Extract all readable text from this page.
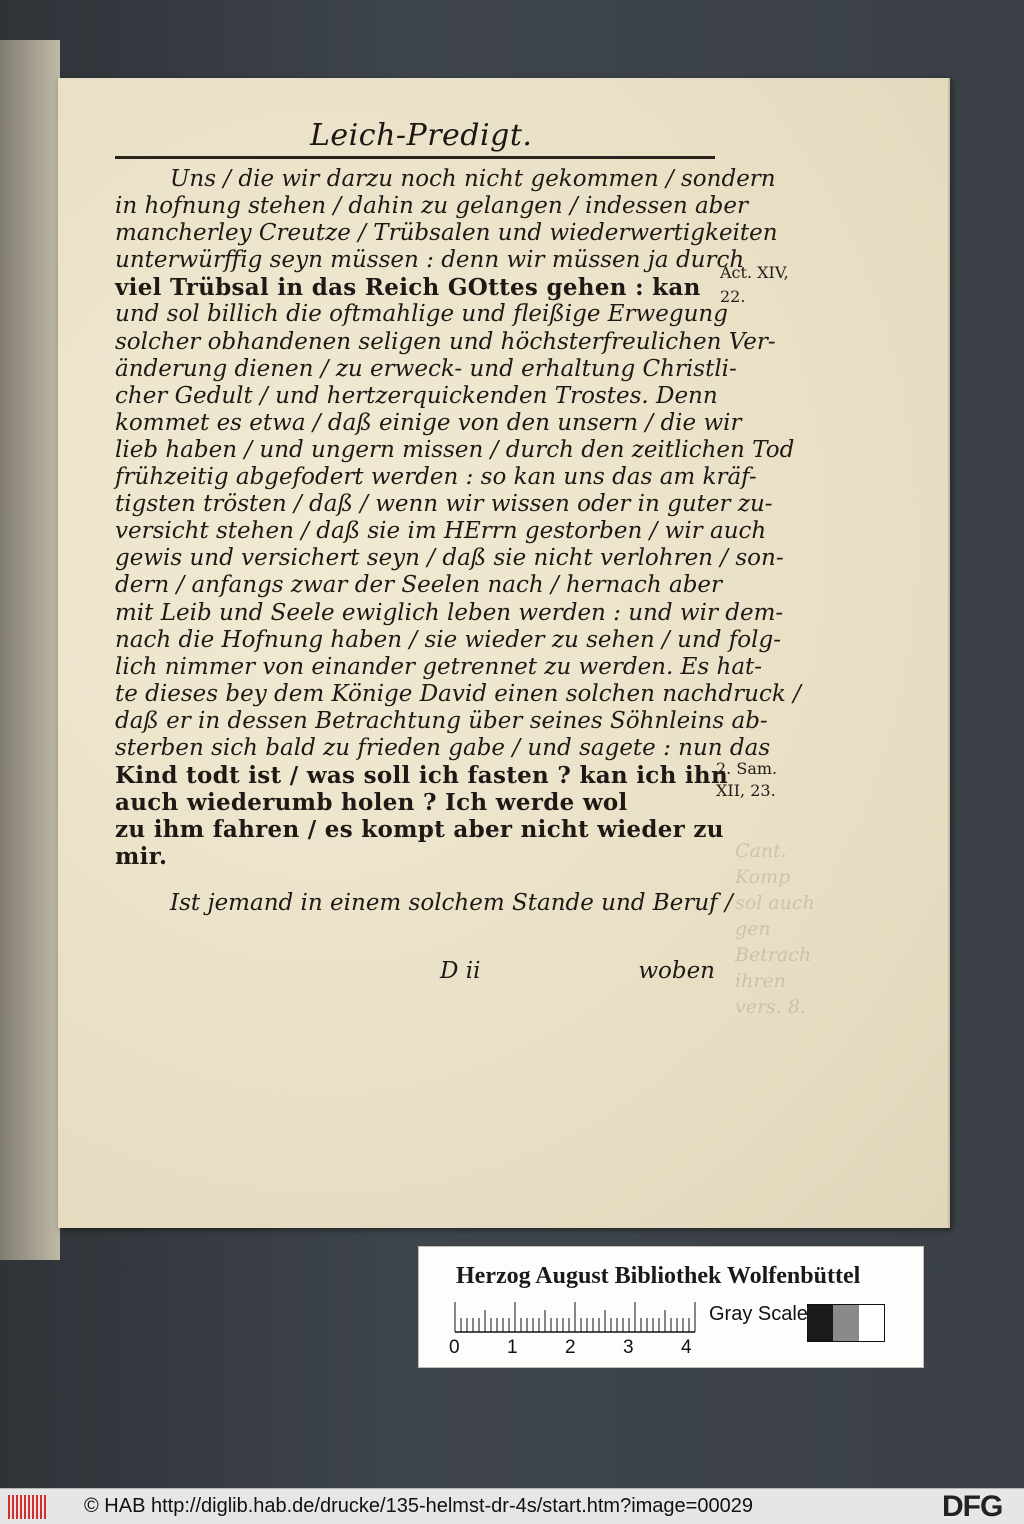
Leich-Predigt.
Uns / die wir darzu noch nicht gekommen / sondern
in hofnung stehen / dahin zu gelangen / indessen aber
mancherley Creutze / Trübsalen und wiederwertigkeiten
unterwürffig seyn müssen : denn wir müssen ja durch
viel Trübsal in das Reich GOttes gehen : kan
und sol billich die oftmahlige und fleißige Erwegung
solcher obhandenen seligen und höchsterfreulichen Ver-
änderung dienen / zu erweck- und erhaltung Christli-
cher Gedult / und hertzerquickenden Trostes. Denn
kommet es etwa / daß einige von den unsern / die wir
lieb haben / und ungern missen / durch den zeitlichen Tod
frühzeitig abgefodert werden : so kan uns das am kräf-
tigsten trösten / daß / wenn wir wissen oder in guter zu-
versicht stehen / daß sie im HErrn gestorben / wir auch
gewis und versichert seyn / daß sie nicht verlohren / son-
dern / anfangs zwar der Seelen nach / hernach aber
mit Leib und Seele ewiglich leben werden : und wir dem-
nach die Hofnung haben / sie wieder zu sehen / und folg-
lich nimmer von einander getrennet zu werden. Es hat-
te dieses bey dem Könige David einen solchen nachdruck /
daß er in dessen Betrachtung über seines Söhnleins ab-
sterben sich bald zu frieden gabe / und sagete : nun das
Kind todt ist / was soll ich fasten ? kan ich ihn
auch wiederumb holen ? Ich werde wol
zu ihm fahren / es kompt aber nicht wieder zu
mir.
Ist jemand in einem solchem Stande und Beruf /
Act. XIV,
22.
2. Sam.
XII, 23.
Cant.
Komp
sol auch
gen
Betrach
ihren
vers. 8.
D ii	woben
Herzog August Bibliothek Wolfenbüttel
0 1 2 3 4
Gray Scale
© HAB http://diglib.hab.de/drucke/135-helmst-dr-4s/start.htm?image=00029	DFG
